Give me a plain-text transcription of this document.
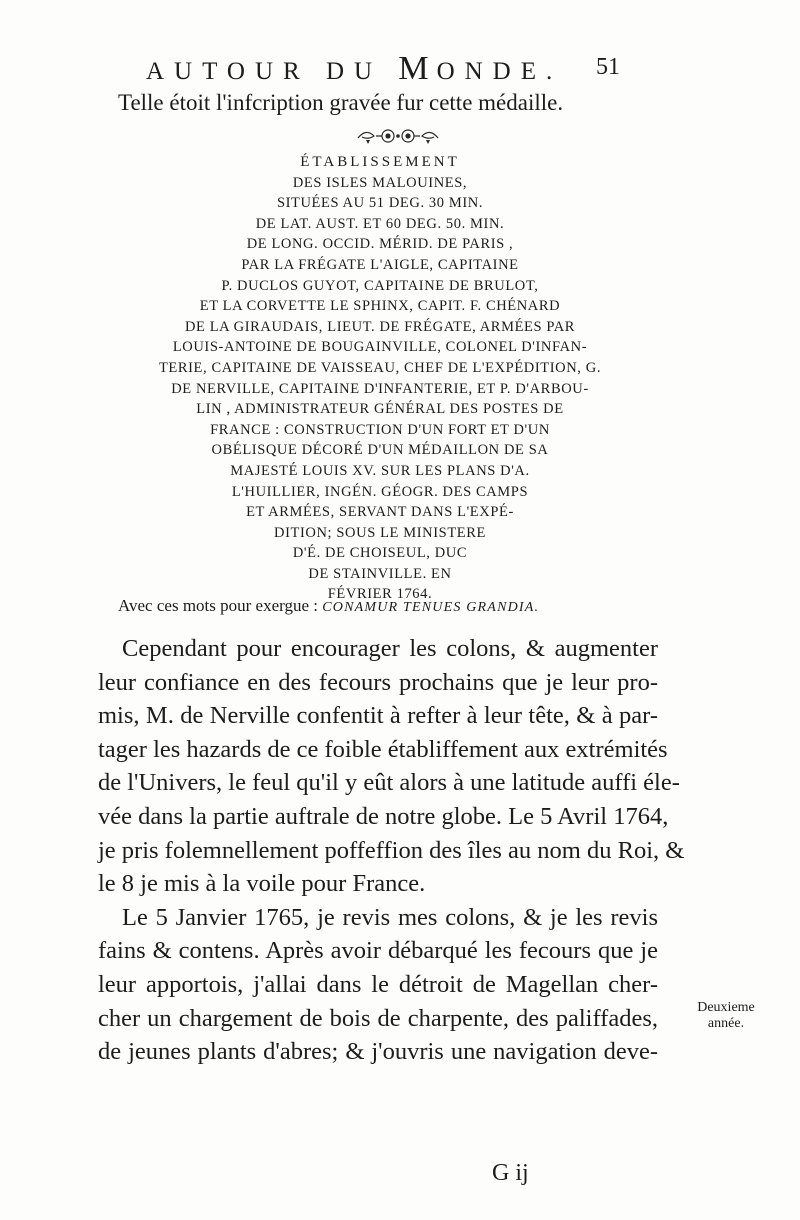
AUTOUR DU MONDE.	51
Telle étoit l'infcription gravée fur cette médaille.
ÉTABLISSEMENT
DES ISLES MALOUINES,
SITUÉES AU 51 DEG. 30 MIN.
DE LAT. AUST. ET 60 DEG. 50. MIN.
DE LONG. OCCID. MÉRID. DE PARIS ,
PAR LA FRÉGATE L'AIGLE, CAPITAINE
P. DUCLOS GUYOT, CAPITAINE DE BRULOT,
ET LA CORVETTE LE SPHINX, CAPIT. F. CHÉNARD
DE LA GIRAUDAIS, LIEUT. DE FRÉGATE, ARMÉES PAR
LOUIS-ANTOINE DE BOUGAINVILLE, COLONEL D'INFAN-
TERIE, CAPITAINE DE VAISSEAU, CHEF DE L'EXPÉDITION, G.
DE NERVILLE, CAPITAINE D'INFANTERIE, ET P. D'ARBOU-
LIN , ADMINISTRATEUR GÉNÉRAL DES POSTES DE
FRANCE : CONSTRUCTION D'UN FORT ET D'UN
OBÉLISQUE DÉCORÉ D'UN MÉDAILLON DE SA
MAJESTÉ LOUIS XV. SUR LES PLANS D'A.
L'HUILLIER, INGÉN. GÉOGR. DES CAMPS
ET ARMÉES, SERVANT DANS L'EXPÉ-
DITION; SOUS LE MINISTERE
D'É. DE CHOISEUL, DUC
DE STAINVILLE. EN
FÉVRIER 1764.
Avec ces mots pour exergue : CONAMUR TENUES GRANDIA.
Cependant pour encourager les colons, & augmenter
leur confiance en des fecours prochains que je leur pro-
mis, M. de Nerville confentit à refter à leur tête, & à par-
tager les hazards de ce foible établiffement aux extrémités
de l'Univers, le feul qu'il y eût alors à une latitude auffi éle-
vée dans la partie auftrale de notre globe. Le 5 Avril 1764,
je pris folemnellement poffeffion des îles au nom du Roi, &
le 8 je mis à la voile pour France.
Le 5 Janvier 1765, je revis mes colons, & je les revis
fains & contens. Après avoir débarqué les fecours que je
leur apportois, j'allai dans le détroit de Magellan cher-
cher un chargement de bois de charpente, des paliffades,
de jeunes plants d'abres; & j'ouvris une navigation deve-
Deuxieme
année.
G ij
